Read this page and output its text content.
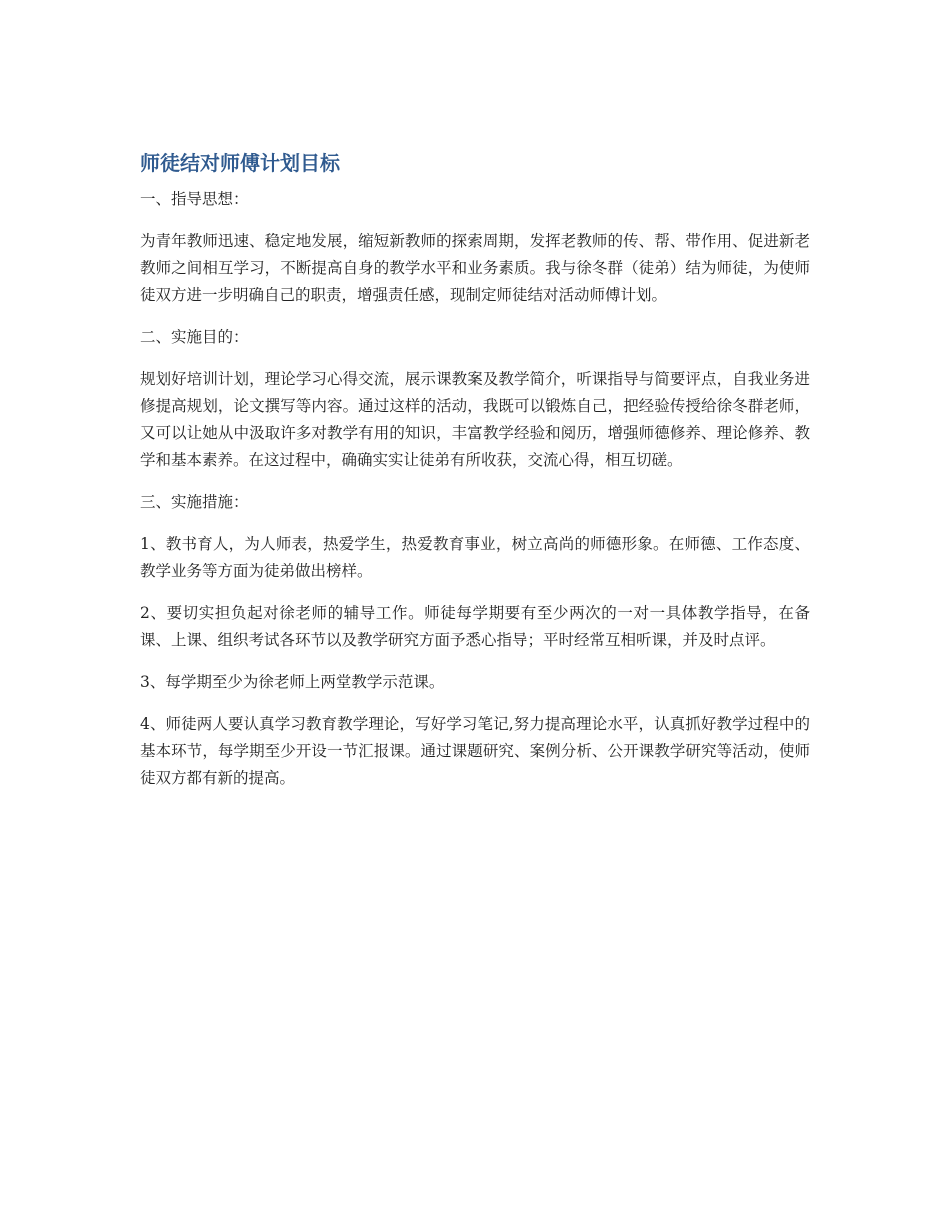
师徒结对师傅计划目标

一、指导思想：

为青年教师迅速、稳定地发展，缩短新教师的探索周期，发挥老教师的传、帮、带作用、促进新老教师之间相互学习，不断提高自身的教学水平和业务素质。我与徐冬群（徒弟）结为师徒，为使师徒双方进一步明确自己的职责，增强责任感，现制定师徒结对活动师傅计划。

二、实施目的：

规划好培训计划，理论学习心得交流，展示课教案及教学简介，听课指导与简要评点，自我业务进修提高规划，论文撰写等内容。通过这样的活动，我既可以锻炼自己，把经验传授给徐冬群老师，又可以让她从中汲取许多对教学有用的知识，丰富教学经验和阅历，增强师德修养、理论修养、教学和基本素养。在这过程中，确确实实让徒弟有所收获，交流心得，相互切磋。

三、实施措施：

1、教书育人，为人师表，热爱学生，热爱教育事业，树立高尚的师德形象。在师德、工作态度、教学业务等方面为徒弟做出榜样。

2、要切实担负起对徐老师的辅导工作。师徒每学期要有至少两次的一对一具体教学指导，在备课、上课、组织考试各环节以及教学研究方面予悉心指导；平时经常互相听课，并及时点评。

3、每学期至少为徐老师上两堂教学示范课。

4、师徒两人要认真学习教育教学理论，写好学习笔记,努力提高理论水平，认真抓好教学过程中的基本环节，每学期至少开设一节汇报课。通过课题研究、案例分析、公开课教学研究等活动，使师徒双方都有新的提高。
